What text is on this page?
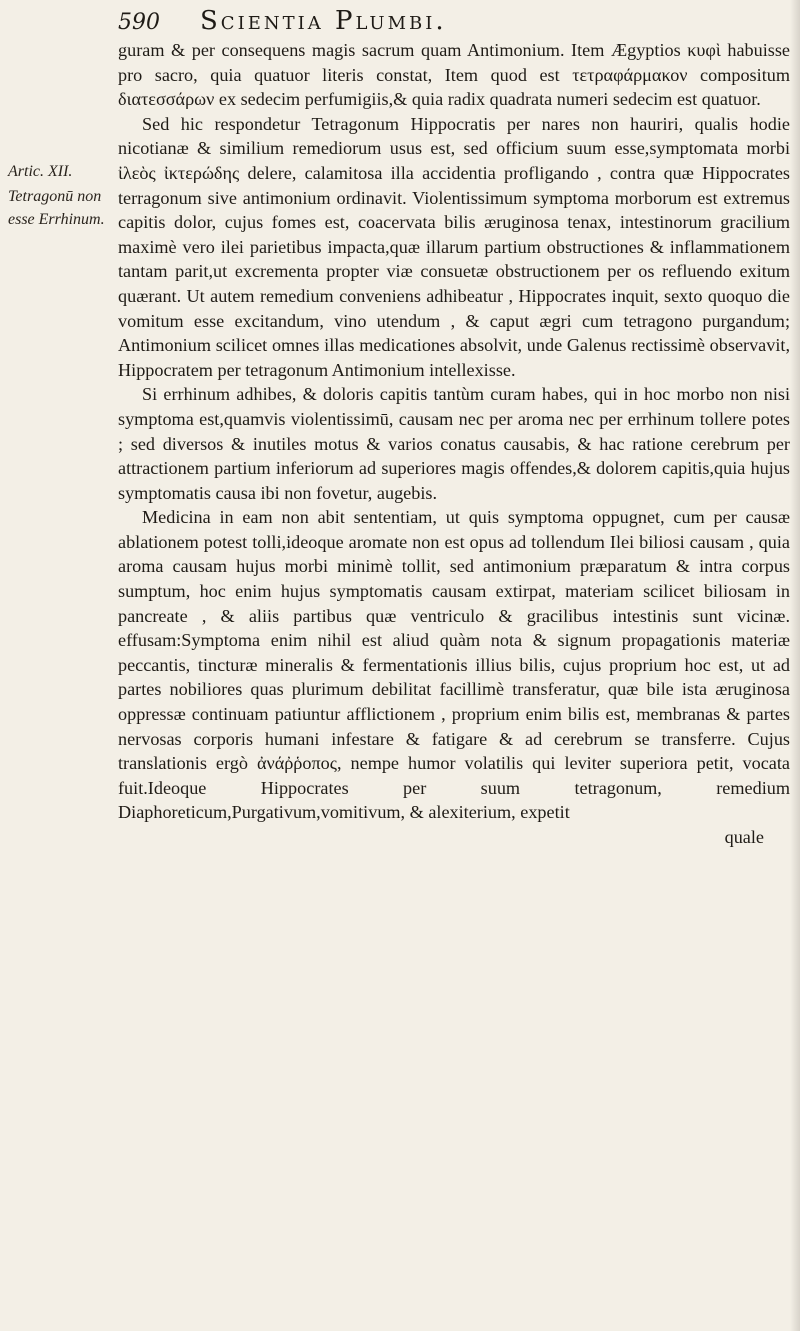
590 Scientia Plumbi.
Artic. XII.
Tetragonū non esse Errhinum.

guram & per consequens magis sacrum quam Antimonium. Item Ægyptios κυφὶ habuisse pro sacro, quia quatuor literis constat, Item quod est τετραφάρμακον compositum διατεσσάρων ex sedecim perfumigiis,& quia radix quadrata numeri sedecim est quatuor.

Sed hic respondetur Tetragonum Hippocratis per nares non hauriri, qualis hodie nicotianæ & similium remediorum usus est, sed officium suum esse,symptomata morbi ἰλεὸς ἰκτερώδης delere, calamitosa illa accidentia profligando , contra quæ Hippocrates terragonum sive antimonium ordinavit. Violentissimum symptoma morborum est extremus capitis dolor, cujus fomes est, coacervata bilis æruginosa tenax, intestinorum gracilium maximè vero ilei parietibus impacta,quæ illarum partium obstructiones & inflammationem tantam parit,ut excrementa propter viæ consuetæ obstructionem per os refluendo exitum quærant. Ut autem remedium conveniens adhibeatur , Hippocrates inquit, sexto quoquo die vomitum esse excitandum, vino utendum , & caput ægri cum tetragono purgandum; Antimonium scilicet omnes illas medicationes absolvit, unde Galenus rectissimè observavit, Hippocratem per tetragonum Antimonium intellexisse.

Si errhinum adhibes, & doloris capitis tantùm curam habes, qui in hoc morbo non nisi symptoma est,quamvis violentissimū, causam nec per aroma nec per errhinum tollere potes ; sed diversos & inutiles motus & varios conatus causabis, & hac ratione cerebrum per attractionem partium inferiorum ad superiores magis offendes,& dolorem capitis,quia hujus symptomatis causa ibi non fovetur, augebis.

Medicina in eam non abit sententiam, ut quis symptoma oppugnet, cum per causæ ablationem potest tolli,ideoque aromate non est opus ad tollendum Ilei biliosi causam , quia aroma causam hujus morbi minimè tollit, sed antimonium præparatum & intra corpus sumptum, hoc enim hujus symptomatis causam extirpat, materiam scilicet biliosam in pancreate , & aliis partibus quæ ventriculo & gracilibus intestinis sunt vicinæ. effusam:Symptoma enim nihil est aliud quàm nota & signum propagationis materiæ peccantis, tincturæ mineralis & fermentationis illius bilis, cujus proprium hoc est, ut ad partes nobiliores quas plurimum debilitat facillimè transferatur, quæ bile ista æruginosa oppressæ continuam patiuntur afflictionem , proprium enim bilis est, membranas & partes nervosas corporis humani infestare & fatigare & ad cerebrum se transferre. Cujus translationis ergò ἀνάῤῥοπος, nempe humor volatilis qui leviter superiora petit, vocata fuit.Ideoque Hippocrates per suum tetragonum, remedium Diaphoreticum,Purgativum,vomitivum, & alexiterium, expetit

quale
